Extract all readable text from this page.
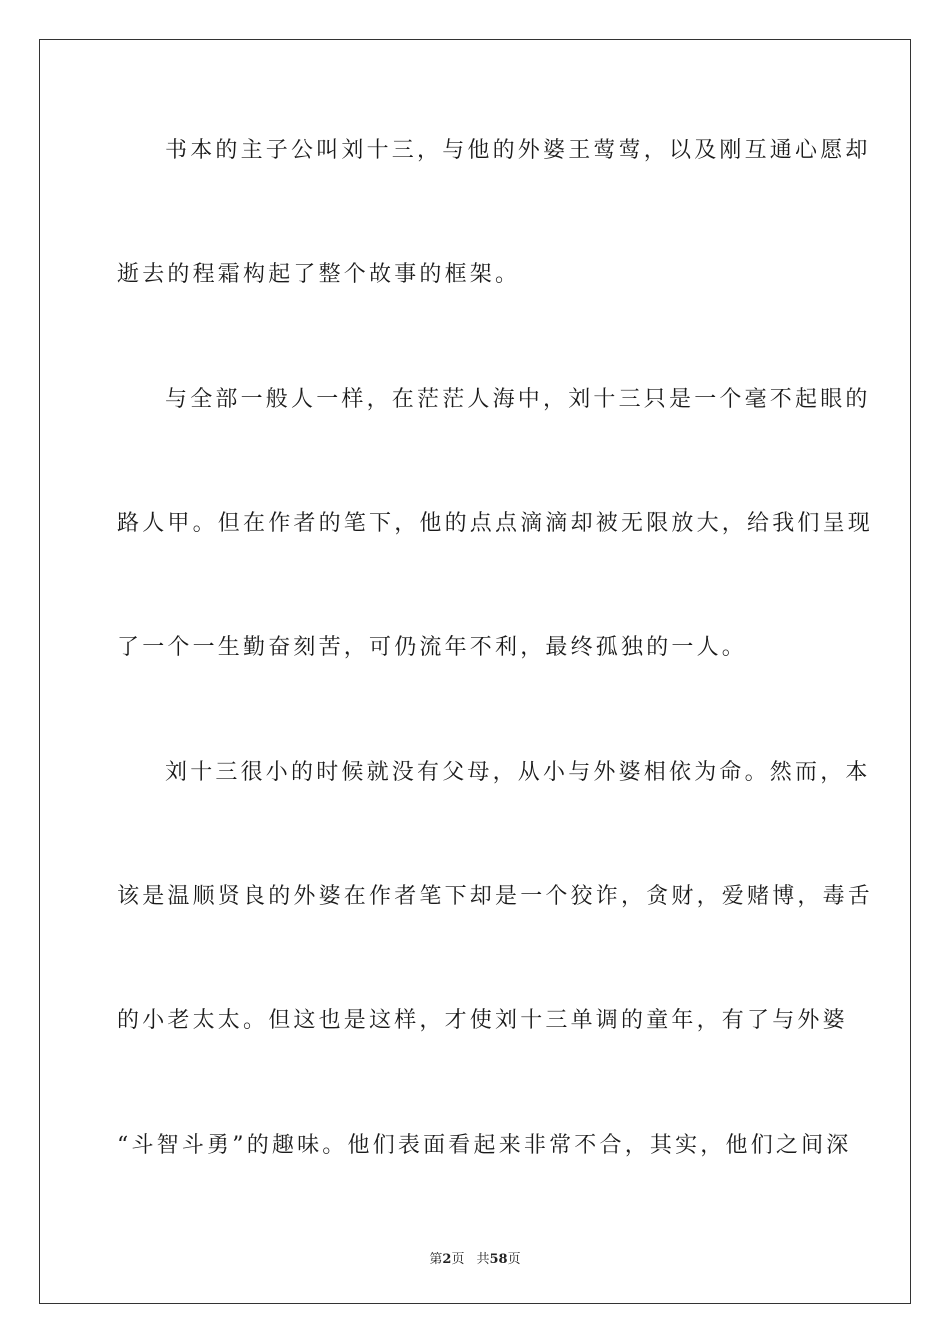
书本的主子公叫刘十三，与他的外婆王莺莺，以及刚互通心愿却
逝去的程霜构起了整个故事的框架。
与全部一般人一样，在茫茫人海中，刘十三只是一个毫不起眼的
路人甲。但在作者的笔下，他的点点滴滴却被无限放大，给我们呈现
了一个一生勤奋刻苦，可仍流年不利，最终孤独的一人。
刘十三很小的时候就没有父母，从小与外婆相依为命。然而，本
该是温顺贤良的外婆在作者笔下却是一个狡诈，贪财，爱赌博，毒舌
的小老太太。但这也是这样，才使刘十三单调的童年，有了与外婆
“斗智斗勇”的趣味。他们表面看起来非常不合，其实，他们之间深
第2页 共58页
